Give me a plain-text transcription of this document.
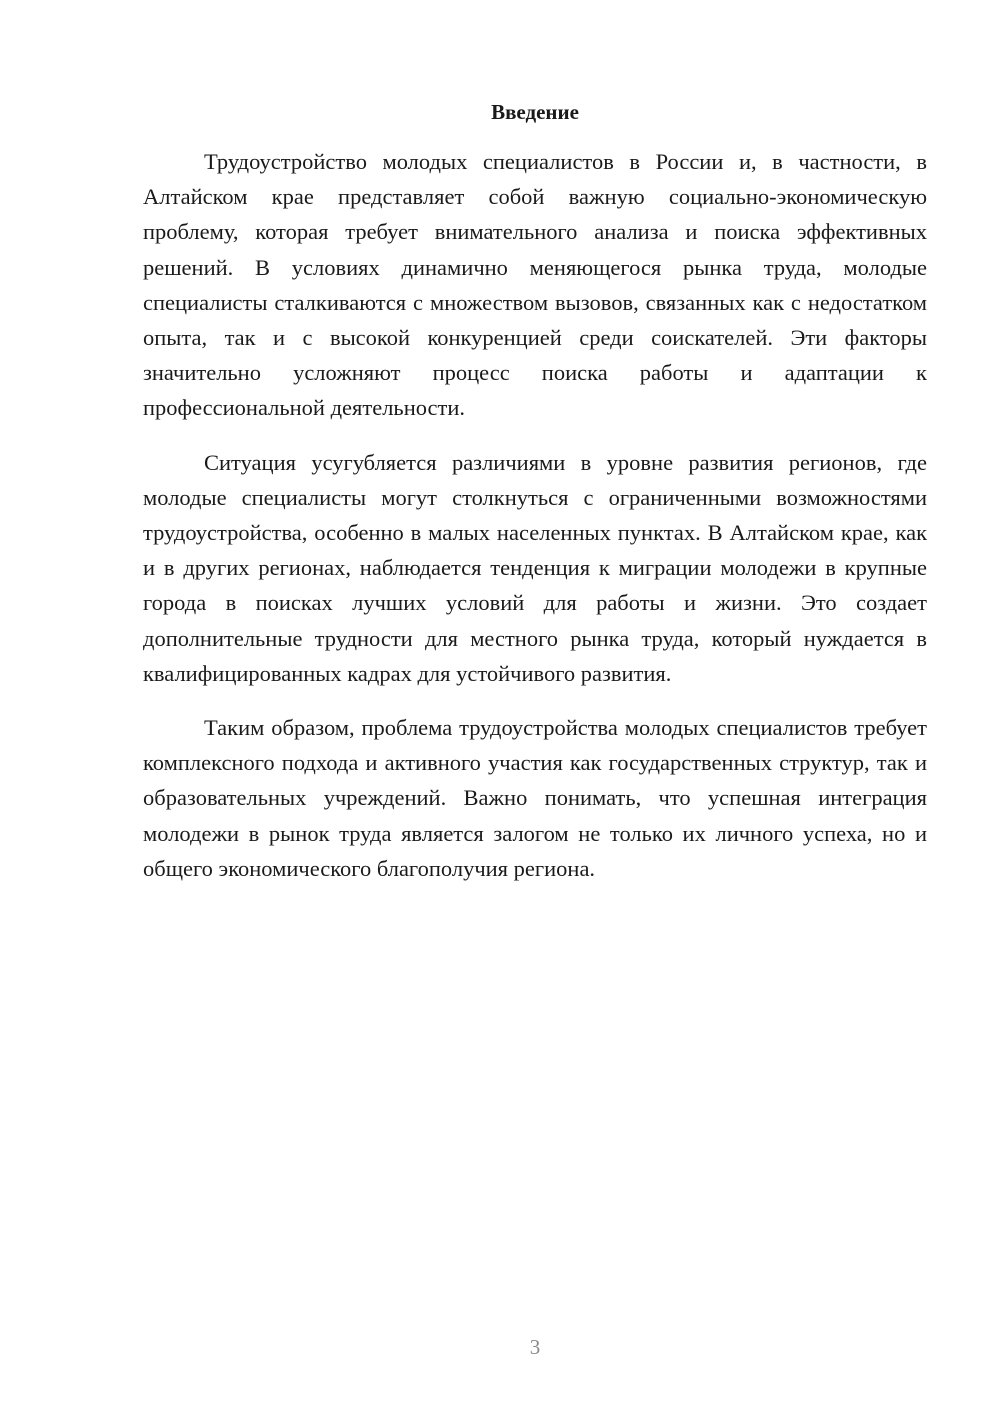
Введение

Трудоустройство молодых специалистов в России и, в частности, в Алтайском крае представляет собой важную социально-экономическую проблему, которая требует внимательного анализа и поиска эффективных решений. В условиях динамично меняющегося рынка труда, молодые специалисты сталкиваются с множеством вызовов, связанных как с недостатком опыта, так и с высокой конкуренцией среди соискателей. Эти факторы значительно усложняют процесс поиска работы и адаптации к профессиональной деятельности.

Ситуация усугубляется различиями в уровне развития регионов, где молодые специалисты могут столкнуться с ограниченными возможностями трудоустройства, особенно в малых населенных пунктах. В Алтайском крае, как и в других регионах, наблюдается тенденция к миграции молодежи в крупные города в поисках лучших условий для работы и жизни. Это создает дополнительные трудности для местного рынка труда, который нуждается в квалифицированных кадрах для устойчивого развития.

Таким образом, проблема трудоустройства молодых специалистов требует комплексного подхода и активного участия как государственных структур, так и образовательных учреждений. Важно понимать, что успешная интеграция молодежи в рынок труда является залогом не только их личного успеха, но и общего экономического благополучия региона.

3
